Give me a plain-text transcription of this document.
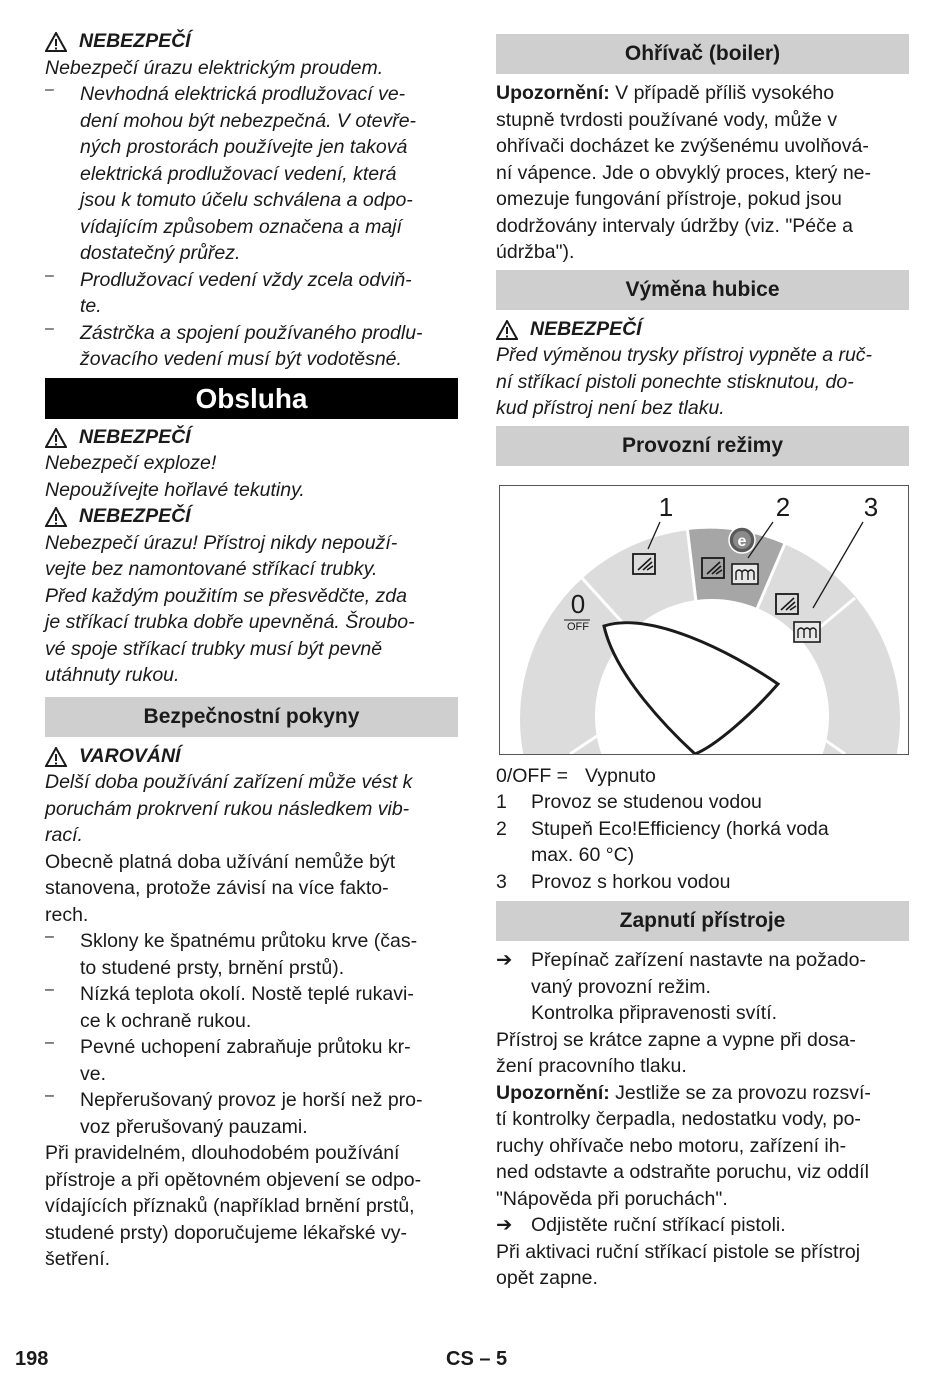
NEBEZPEČÍ
Nebezpečí úrazu elektrickým proudem.
–	Nevhodná elektrická prodlužovací ve-
dení mohou být nebezpečná. V otevře-
ných prostorách používejte jen taková
elektrická prodlužovací vedení, která
jsou k tomuto účelu schválena a odpo-
vídajícím způsobem označena a mají
dostatečný průřez.
–	Prodlužovací vedení vždy zcela odviň-
te.
–	Zástrčka a spojení používaného prodlu-
žovacího vedení musí být vodotěsné.
Obsluha
NEBEZPEČÍ
Nebezpečí exploze!
Nepoužívejte hořlavé tekutiny.
NEBEZPEČÍ
Nebezpečí úrazu! Přístroj nikdy nepouží-
vejte bez namontované stříkací trubky.
Před každým použitím se přesvědčte, zda
je stříkací trubka dobře upevněná. Šroubo-
vé spoje stříkací trubky musí být pevně
utáhnuty rukou.
Bezpečnostní pokyny
VAROVÁNÍ
Delší doba používání zařízení může vést k
poruchám prokrvení rukou následkem vib-
rací.
Obecně platná doba užívání nemůže být
stanovena, protože závisí na více fakto-
rech.
–	Sklony ke špatnému průtoku krve (čas-
to studené prsty, brnění prstů).
–	Nízká teplota okolí. Nostě teplé rukavi-
ce k ochraně rukou.
–	Pevné uchopení zabraňuje průtoku kr-
ve.
–	Nepřerušovaný provoz je horší než pro-
voz přerušovaný pauzami.
Při pravidelném, dlouhodobém používání
přístroje a při opětovném objevení se odpo-
vídajících příznaků (například brnění prstů,
studené prsty) doporučujeme lékařské vy-
šetření.
Ohřívač (boiler)
Upozornění: V případě příliš vysokého
stupně tvrdosti používané vody, může v
ohřívači docházet ke zvýšenému uvolňová-
ní vápence. Jde o obvyklý proces, který ne-
omezuje fungování přístroje, pokud jsou
dodržovány intervaly údržby (viz. "Péče a
údržba").
Výměna hubice
NEBEZPEČÍ
Před výměnou trysky přístroj vypněte a ruč-
ní stříkací pistoli ponechte stisknutou, do-
kud přístroj není bez tlaku.
Provozní režimy
e
0
OFF
1	2	3
0/OFF = Vypnuto
1	Provoz se studenou vodou
2	Stupeň Eco!Efficiency (horká voda
max. 60 °C)
3	Provoz s horkou vodou
Zapnutí přístroje
➔ Přepínač zařízení nastavte na požado-
vaný provozní režim.
Kontrolka připravenosti svítí.
Přístroj se krátce zapne a vypne při dosa-
žení pracovního tlaku.
Upozornění: Jestliže se za provozu rozsví-
tí kontrolky čerpadla, nedostatku vody, po-
ruchy ohřívače nebo motoru, zařízení ih-
ned odstavte a odstraňte poruchu, viz oddíl
"Nápověda při poruchách".
➔ Odjistěte ruční stříkací pistoli.
Při aktivaci ruční stříkací pistole se přístroj
opět zapne.
198	CS – 5
